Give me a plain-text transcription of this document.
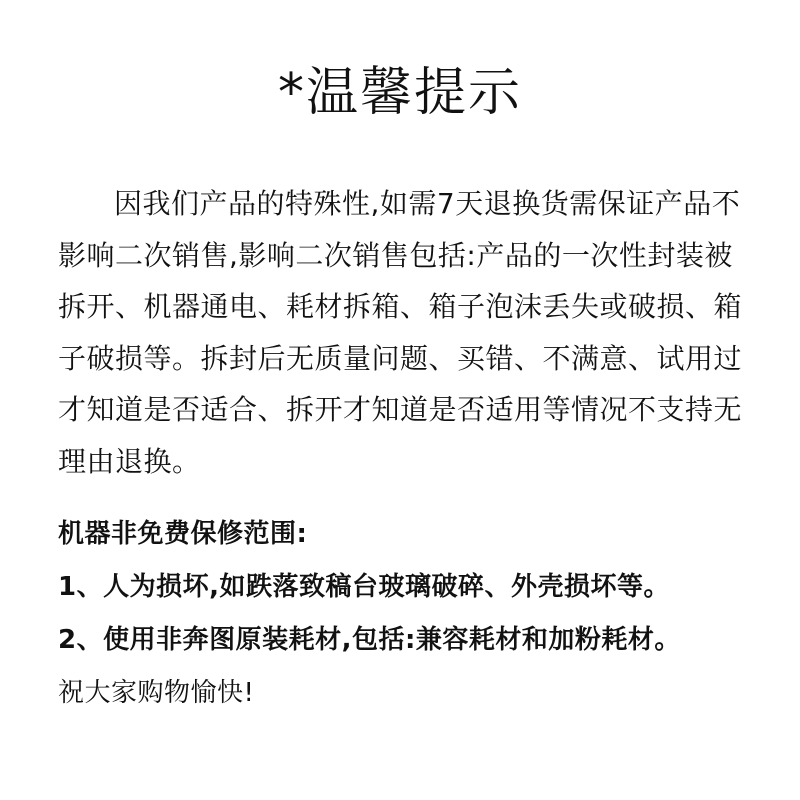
*温馨提示

因我们产品的特殊性,如需7天退换货需保证产品不影响二次销售,影响二次销售包括:产品的一次性封装被拆开、机器通电、耗材拆箱、箱子泡沫丢失或破损、箱子破损等。拆封后无质量问题、买错、不满意、试用过才知道是否适合、拆开才知道是否适用等情况不支持无理由退换。

机器非免费保修范围:
1、人为损坏,如跌落致稿台玻璃破碎、外壳损坏等。
2、使用非奔图原装耗材,包括:兼容耗材和加粉耗材。
祝大家购物愉快!
